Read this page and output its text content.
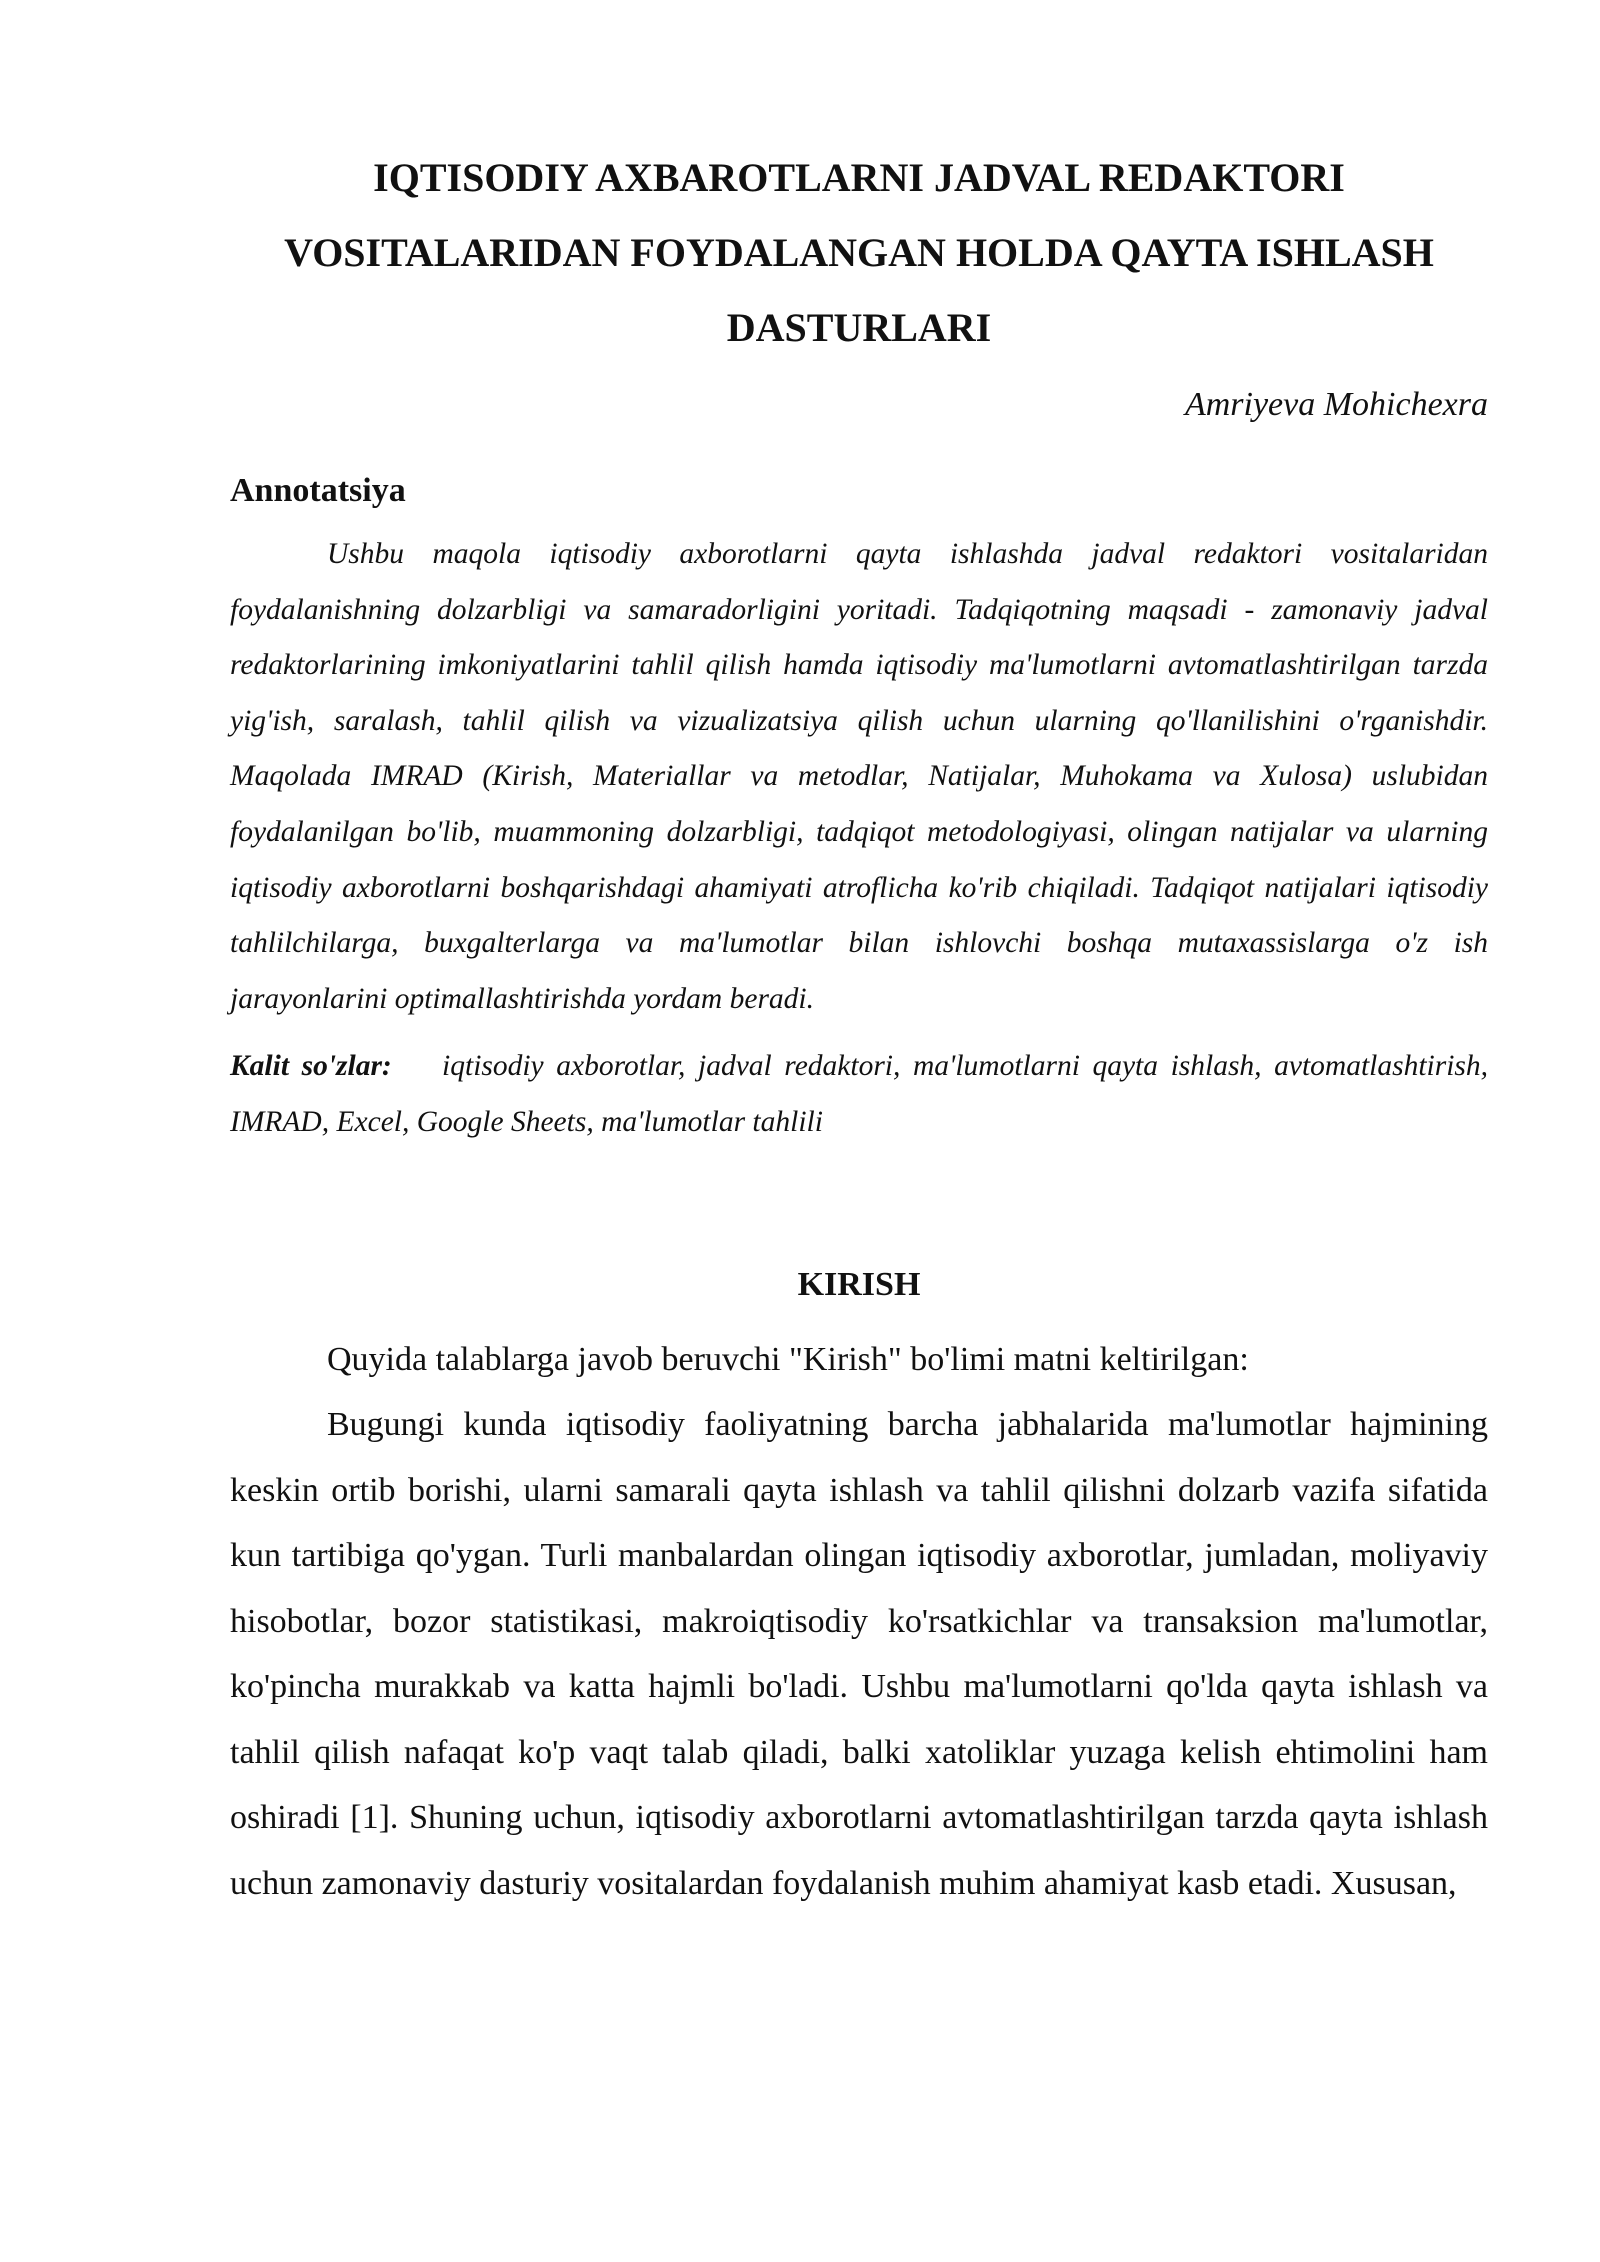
IQTISODIY AXBAROTLARNI JADVAL REDAKTORI
VOSITALARIDAN FOYDALANGAN HOLDA QAYTA ISHLASH
DASTURLARI
Amriyeva Mohichexra
Annotatsiya

Ushbu maqola iqtisodiy axborotlarni qayta ishlashda jadval redaktori vositalaridan foydalanishning dolzarbligi va samaradorligini yoritadi. Tadqiqotning maqsadi - zamonaviy jadval redaktorlarining imkoniyatlarini tahlil qilish hamda iqtisodiy ma'lumotlarni avtomatlashtirilgan tarzda yig'ish, saralash, tahlil qilish va vizualizatsiya qilish uchun ularning qo'llanilishini o'rganishdir. Maqolada IMRAD (Kirish, Materiallar va metodlar, Natijalar, Muhokama va Xulosa) uslubidan foydalanilgan bo'lib, muammoning dolzarbligi, tadqiqot metodologiyasi, olingan natijalar va ularning iqtisodiy axborotlarni boshqarishdagi ahamiyati atroflicha ko'rib chiqiladi. Tadqiqot natijalari iqtisodiy tahlilchilarga, buxgalterlarga va ma'lumotlar bilan ishlovchi boshqa mutaxassislarga o'z ish jarayonlarini optimallashtirishda yordam beradi.

Kalit so'zlar: iqtisodiy axborotlar, jadval redaktori, ma'lumotlarni qayta ishlash, avtomatlashtirish, IMRAD, Excel, Google Sheets, ma'lumotlar tahlili

KIRISH

Quyida talablarga javob beruvchi "Kirish" bo'limi matni keltirilgan:

Bugungi kunda iqtisodiy faoliyatning barcha jabhalarida ma'lumotlar hajmining keskin ortib borishi, ularni samarali qayta ishlash va tahlil qilishni dolzarb vazifa sifatida kun tartibiga qo'ygan. Turli manbalardan olingan iqtisodiy axborotlar, jumladan, moliyaviy hisobotlar, bozor statistikasi, makroiqtisodiy ko'rsatkichlar va transaksion ma'lumotlar, ko'pincha murakkab va katta hajmli bo'ladi. Ushbu ma'lumotlarni qo'lda qayta ishlash va tahlil qilish nafaqat ko'p vaqt talab qiladi, balki xatoliklar yuzaga kelish ehtimolini ham oshiradi [1]. Shuning uchun, iqtisodiy axborotlarni avtomatlashtirilgan tarzda qayta ishlash uchun zamonaviy dasturiy vositalardan foydalanish muhim ahamiyat kasb etadi. Xususan,
